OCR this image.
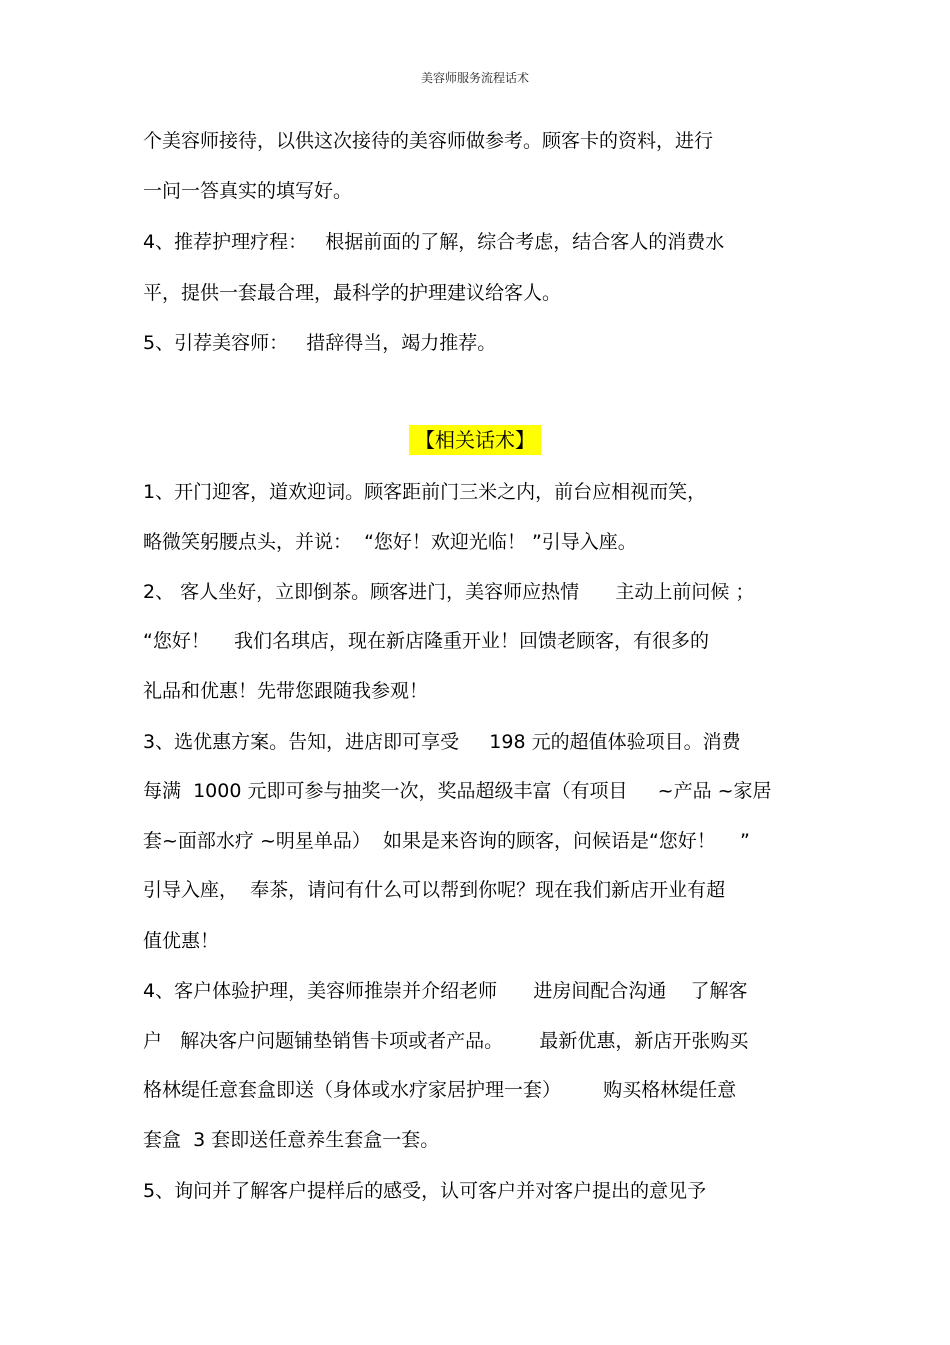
美容师服务流程话术
个美容师接待，以供这次接待的美容师做参考。顾客卡的资料，进行
一问一答真实的填写好。
4、推荐护理疗程：   根据前面的了解，综合考虑，结合客人的消费水
平，提供一套最合理，最科学的护理建议给客人。
5、引荐美容师：   措辞得当，竭力推荐。
【相关话术】
1、开门迎客，道欢迎词。顾客距前门三米之内，前台应相视而笑，
略微笑躬腰点头，并说：  “您好！欢迎光临！ ”引导入座。
2、 客人坐好，立即倒茶。顾客进门，美容师应热情      主动上前问候 ；
“您好！    我们名琪店，现在新店隆重开业！回馈老顾客，有很多的
礼品和优惠！先带您跟随我参观！
3、选优惠方案。告知，进店即可享受     198 元的超值体验项目。消费
每满  1000 元即可参与抽奖一次，奖品超级丰富（有项目     ~产品 ~家居
套~面部水疗 ~明星单品）  如果是来咨询的顾客，问候语是“您好！    ”
引导入座，  奉茶，请问有什么可以帮到你呢？现在我们新店开业有超
值优惠！
4、客户体验护理，美容师推崇并介绍老师      进房间配合沟通    了解客
户   解决客户问题铺垫销售卡项或者产品。      最新优惠，新店开张购买
格林缇任意套盒即送（身体或水疗家居护理一套）       购买格林缇任意
套盒  3 套即送任意养生套盒一套。
5、询问并了解客户提样后的感受，认可客户并对客户提出的意见予
